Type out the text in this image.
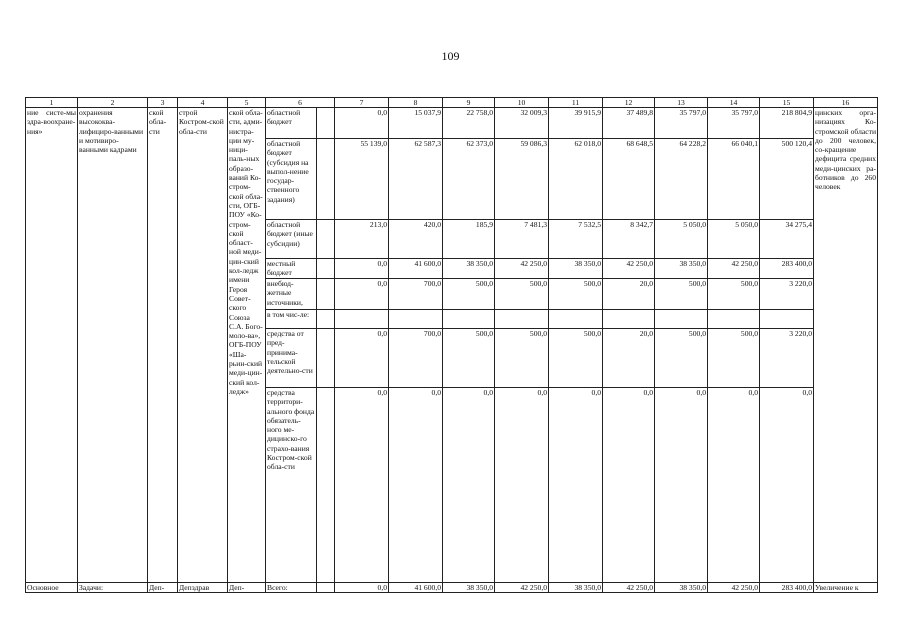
109
1	2	3	4	5	6		7	8	9	10	11	12	13	14	15	16
ние систе-мы здра-воохране-ния»	охранения высококва-лифициро-ванными и мотивиро-ванными кадрами	ской обла-сти	строй Костром-ской обла-сти	ской обла-сти, адми-нистра-ции му-ници-паль-ных образо-ваний Ко-стром-ской обла-сти, ОГБ-ПОУ «Ко-стром-ской област-ной меди-цин-ский кол-ледж имени Героя Совет-ского Союза С.А. Бого-моло-ва», ОГБ-ПОУ «Ша-рьин-ский меди-цин-ский кол-ледж»	областной бюджет		0,0	15 037,9	22 758,0	32 009,3	39 915,9	37 489,8	35 797,0	35 797,0	218 804,9	цинских орга-низациях Ко-стромской области до 200 человек, со-кращение дефицита средних меди-цинских ра-ботников до 260 человек
					областной бюджет (субсидия на выпол-нение государ-ственного задания)		55 139,0	62 587,3	62 373,0	59 086,3	62 018,0	68 648,5	64 228,2	66 040,1	500 120,4	
					областной бюджет (иные субсидии)		213,0	420,0	185,9	7 481,3	7 532,5	8 342,7	5 050,0	5 050,0	34 275,4	
					местный бюджет		0,0	41 600,0	38 350,0	42 250,0	38 350,0	42 250,0	38 350,0	42 250,0	283 400,0	
					внебюд-жетные источники,		0,0	700,0	500,0	500,0	500,0	20,0	500,0	500,0	3 220,0	
					в том чис-ле:											
					средства от пред-принима-тельской деятельно-сти		0,0	700,0	500,0	500,0	500,0	20,0	500,0	500,0	3 220,0	
					средства территори-ального фонда обязатель-ного ме-дицинско-го страхо-вания Костром-ской обла-сти		0,0	0,0	0,0	0,0	0,0	0,0	0,0	0,0	0,0	
Основное	Задачи:	Деп-	Депздрав	Деп-	Всего:		0,0	41 600,0	38 350,0	42 250,0	38 350,0	42 250,0	38 350,0	42 250,0	283 400,0	Увеличение к
